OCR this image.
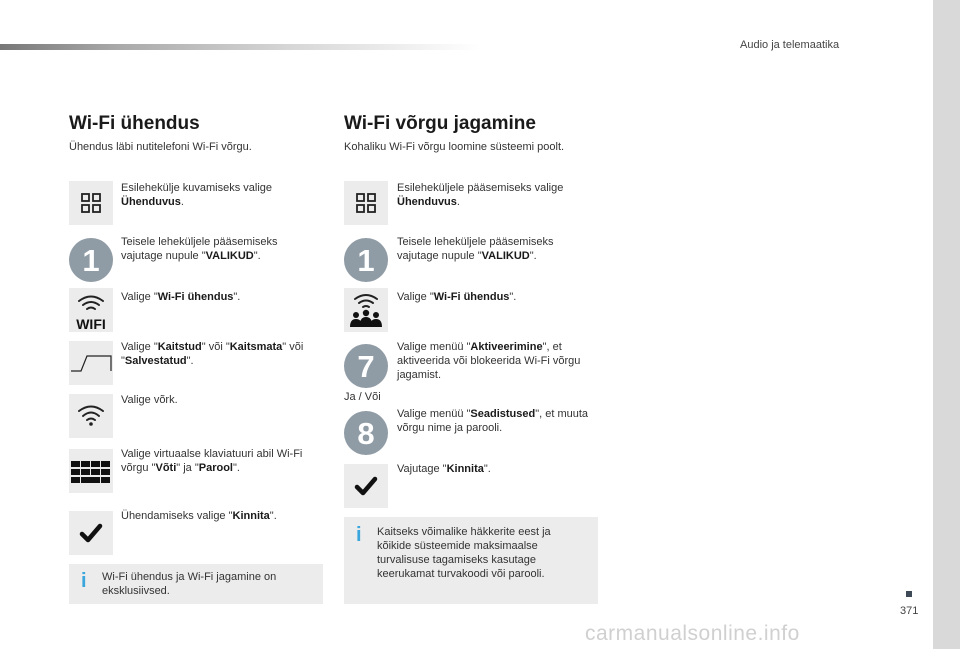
Audio ja telemaatika
371
carmanualsonline.info
Wi-Fi ühendus
Ühendus läbi nutitelefoni Wi-Fi võrgu.
Esilehekülje kuvamiseks valige Ühenduvus.
1
Teisele leheküljele pääsemiseks vajutage nupule "VALIKUD".
WIFI
Valige "Wi-Fi ühendus".
Valige "Kaitstud" või "Kaitsmata" või "Salvestatud".
Valige võrk.
Valige virtuaalse klaviatuuri abil Wi-Fi võrgu "Võti" ja "Parool".
Ühendamiseks valige "Kinnita".
i Wi-Fi ühendus ja Wi-Fi jagamine on eksklusiivsed.
Wi-Fi võrgu jagamine
Kohaliku Wi-Fi võrgu loomine süsteemi poolt.
Esileheküljele pääsemiseks valige Ühenduvus.
1
Teisele leheküljele pääsemiseks vajutage nupule "VALIKUD".
Valige "Wi-Fi ühendus".
7
Valige menüü "Aktiveerimine", et aktiveerida või blokeerida Wi-Fi võrgu jagamist.
Ja / Või
8
Valige menüü "Seadistused", et muuta võrgu nime ja parooli.
Vajutage "Kinnita".
i Kaitseks võimalike häkkerite eest ja kõikide süsteemide maksimaalse turvalisuse tagamiseks kasutage keerukamat turvakoodi või parooli.
